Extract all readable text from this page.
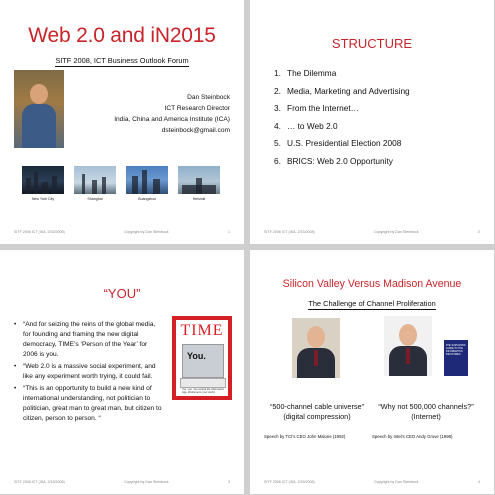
Web 2.0 and iN2015
SITF 2008, ICT Business Outlook Forum
Dan Steinbock
ICT Research Director
India, China and America Institute (ICA)
dsteinbock@gmail.com
New York City	Shanghai	Guangzhou	Helsinki
SITF 2008 ICT (ISA, 2/15/2008)	Copyright by Dan Steinbock	1
STRUCTURE
1. The Dilemma
2. Media, Marketing and Advertising
3. From the Internet…
4. … to Web 2.0
5. U.S. Presidential Election 2008
6. BRICS: Web 2.0 Opportunity
SITF 2008 ICT (ISA, 2/15/2008)	Copyright by Dan Steinbock	2
“YOU”
• “And for seizing the reins of the global media, for founding and framing the new digital democracy, TIME’s ‘Person of the Year’ for 2006 is you.
• “Web 2.0 is a massive social experiment, and like any experiment worth trying, it could fail.
• “This is an opportunity to build a new kind of international understanding, not politician to politician, great man to great man, but citizen to citizen, person to person. “
TIME
You.
Yes, you. You control the Information Age. Welcome to your world.
SITF 2008 ICT (ISA, 2/15/2008)	Copyright by Dan Steinbock	3
Silicon Valley Versus Madison Avenue
The Challenge of Channel Proliferation
THE SURVIVORS GUIDE TO THE INFORMATION INDUSTRIES
“500-channel cable universe”
(digital compression)
“Why not 500,000 channels?”
(Internet)
Speech by TCI’s CEO John Malone (1992)	Speech by Intel’s CEO Andy Grove (1996)
SITF 2008 ICT (ISA, 2/15/2008)	Copyright by Dan Steinbock	4
